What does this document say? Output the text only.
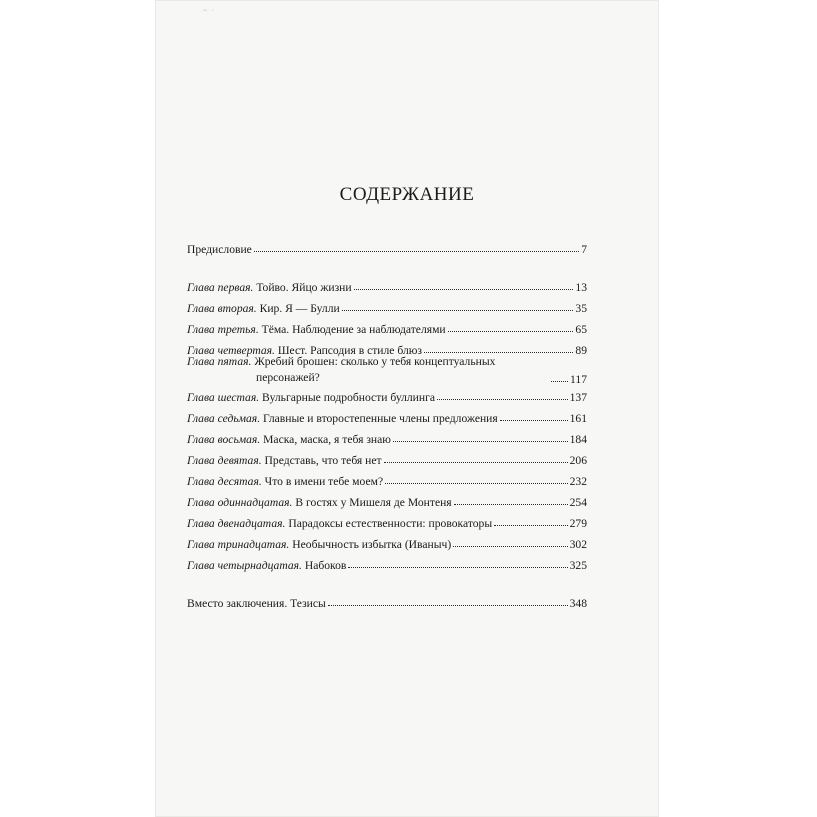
~ ·
СОДЕРЖАНИЕ
Предисловие	7
Глава первая. Тойво. Яйцо жизни	13
Глава вторая. Кир. Я — Булли	35
Глава третья. Тёма. Наблюдение за наблюдателями	65
Глава четвертая. Шест. Рапсодия в стиле блюз	89
Глава пятая. Жребий брошен: сколько у тебя концептуальных
персонажей?	117
Глава шестая. Вульгарные подробности буллинга	137
Глава седьмая. Главные и второстепенные члены предложения	161
Глава восьмая. Маска, маска, я тебя знаю	184
Глава девятая. Представь, что тебя нет	206
Глава десятая. Что в имени тебе моем?	232
Глава одиннадцатая. В гостях у Мишеля де Монтеня	254
Глава двенадцатая. Парадоксы естественности: провокаторы	279
Глава тринадцатая. Необычность избытка (Иваныч)	302
Глава четырнадцатая. Набоков	325
Вместо заключения. Тезисы	348
